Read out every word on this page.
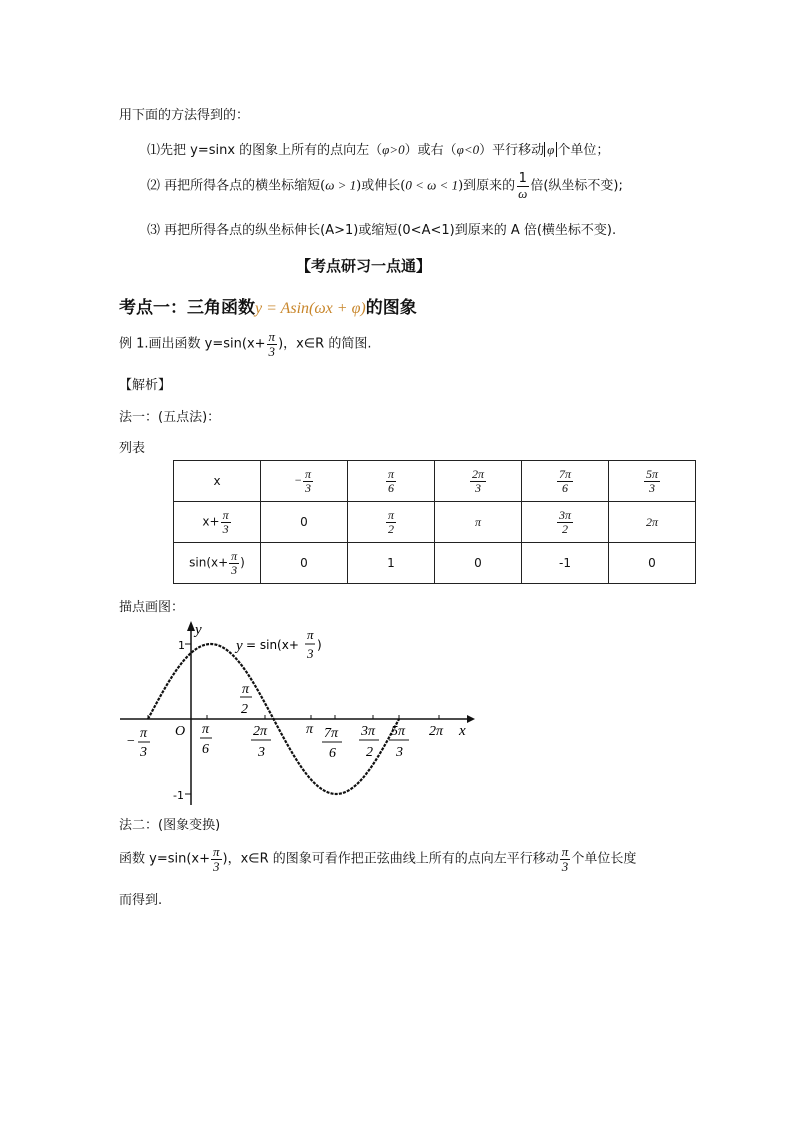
用下面的方法得到的：
⑴先把 y=sinx 的图象上所有的点向左（φ>0）或右（φ<0）平行移动 φ 个单位；
⑵ 再把所得各点的横坐标缩短(ω > 1)或伸长(0 < ω < 1)到原来的 $\frac{1}{\omega}$ 倍(纵坐标不变);
⑶ 再把所得各点的纵坐标伸长(A>1)或缩短(0<A<1)到原来的 A 倍(横坐标不变).
【考点研习一点通】
考点一：三角函数y = Asin(ωx + φ)的图象
例 1.画出函数 $y=\sin(x+ \frac{\pi}{3}$ )，x∈R 的简图.
【解析】
法一：(五点法)：
列表
x	− $\frac{\pi}{3}$	$\frac{\pi}{6}$	$\frac{2\pi}{3}$	$\frac{7\pi}{6}$	$\frac{5\pi}{3}$

$x+ \frac{\pi}{3}$	0	$\frac{\pi}{2}$	π	$\frac{3\pi}{2}$	2π
$\sin(x+ \frac{\pi}{3}$ )	0	1	0	-1	0
描点画图：
y
x
O
1
-1
y = sin(x+
π
3
)
π
2
−
π
3
π
6
2π
3
π 7π
6
3π
2
5π
3
2π
法二：(图象变换)
函数 $y=\sin(x+ \frac{\pi}{3}$ )，x∈R 的图象可看作把正弦曲线上所有的点向左平行移动 $\frac{\pi}{3}$ 个单位长度
而得到.
